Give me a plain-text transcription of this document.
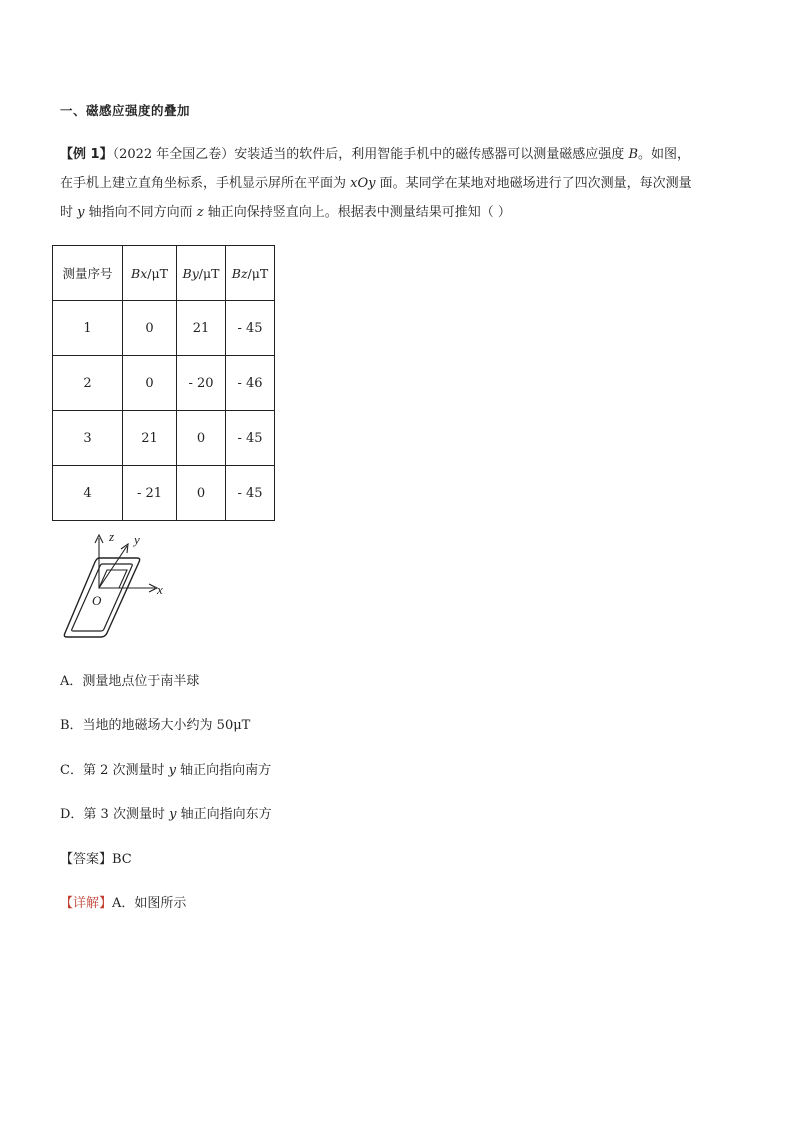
一、磁感应强度的叠加
【例 1】（2022 年全国乙卷）安装适当的软件后，利用智能手机中的磁传感器可以测量磁感应强度 B。如图，
在手机上建立直角坐标系，手机显示屏所在平面为 xOy 面。某同学在某地对地磁场进行了四次测量，每次测量
时 y 轴指向不同方向而 z 轴正向保持竖直向上。根据表中测量结果可推知（ ）
测量序号	Bx/μT	By/μT	Bz/μT
1	0	21	- 45
2	0	- 20	- 46
3	21	0	- 45
4	- 21	0	- 45
z y
x
O
A．测量地点位于南半球
B．当地的地磁场大小约为 50μT
C．第 2 次测量时 y 轴正向指向南方
D．第 3 次测量时 y 轴正向指向东方
【答案】BC
【详解】A．如图所示
